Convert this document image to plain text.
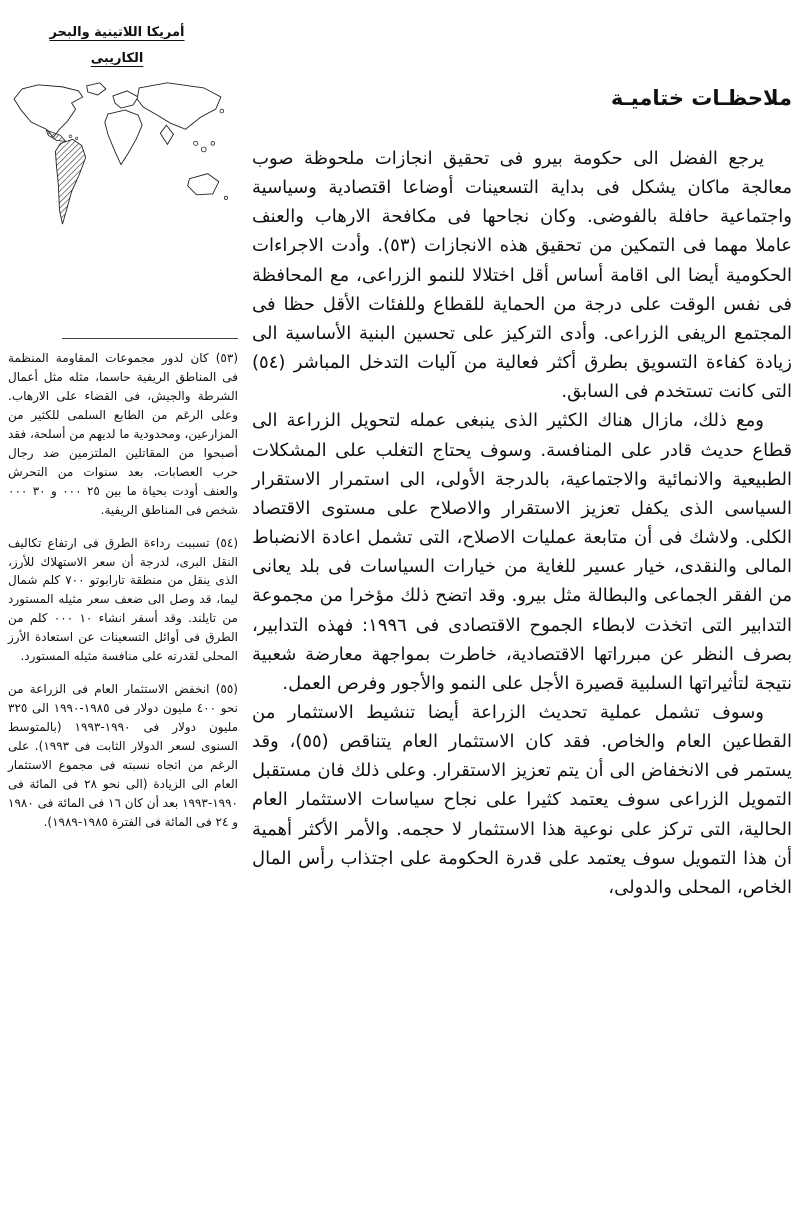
أمريكا اللاتينية والبحر
الكاريبى

(٥٣) كان لدور مجموعات المقاومة المنظمة فى المناطق الريفية حاسما، مثله مثل أعمال الشرطة والجيش، فى القضاء على الارهاب. وعلى الرغم من الطابع السلمى للكثير من المزارعين، ومحدودية ما لديهم من أسلحة، فقد أصبحوا من المقاتلين الملتزمين ضد رجال حرب العصابات، بعد سنوات من التحرش والعنف أودت بحياة ما بين ٢٥ ٠٠٠ و ٣٠ ٠٠٠ شخص فى المناطق الريفية.

(٥٤) تسببت رداءة الطرق فى ارتفاع تكاليف النقل البرى، لدرجة أن سعر الاستهلاك للأرز، الذى ينقل من منطقة تارابوتو ٧٠٠ كلم شمال ليما، قد وصل الى ضعف سعر مثيله المستورد من تايلند. وقد أسفر انشاء ١٠ ٠٠٠ كلم من الطرق فى أوائل التسعينات عن استعادة الأرز المحلى لقدرته على منافسة مثيله المستورد.

(٥٥) انخفض الاستثمار العام فى الزراعة من نحو ٤٠٠ مليون دولار فى ١٩٨٥-١٩٩٠ الى ٣٢٥ مليون دولار فى ١٩٩٠-١٩٩٣ (بالمتوسط السنوى لسعر الدولار الثابت فى ١٩٩٣). على الرغم من اتجاه نسبته فى مجموع الاستثمار العام الى الزيادة (الى نحو ٢٨ فى المائة فى ١٩٩٠-١٩٩٣ بعد أن كان ١٦ فى المائة فى ١٩٨٠ و ٢٤ فى المائة فى الفترة ١٩٨٥-١٩٨٩).

ملاحظـات ختاميـة

يرجع الفضل الى حكومة بيرو فى تحقيق انجازات ملحوظة صوب معالجة ماكان يشكل فى بداية التسعينات أوضاعا اقتصادية وسياسية واجتماعية حافلة بالفوضى. وكان نجاحها فى مكافحة الارهاب والعنف عاملا مهما فى التمكين من تحقيق هذه الانجازات (٥٣). وأدت الاجراءات الحكومية أيضا الى اقامة أساس أقل اختلالا للنمو الزراعى، مع المحافظة فى نفس الوقت على درجة من الحماية للقطاع وللفئات الأقل حظا فى المجتمع الريفى الزراعى. وأدى التركيز على تحسين البنية الأساسية الى زيادة كفاءة التسويق بطرق أكثر فعالية من آليات التدخل المباشر (٥٤) التى كانت تستخدم فى السابق.

ومع ذلك، مازال هناك الكثير الذى ينبغى عمله لتحويل الزراعة الى قطاع حديث قادر على المنافسة. وسوف يحتاج التغلب على المشكلات الطبيعية والانمائية والاجتماعية، بالدرجة الأولى، الى استمرار الاستقرار السياسى الذى يكفل تعزيز الاستقرار والاصلاح على مستوى الاقتصاد الكلى. ولاشك فى أن متابعة عمليات الاصلاح، التى تشمل اعادة الانضباط المالى والنقدى، خيار عسير للغاية من خيارات السياسات فى بلد يعانى من الفقر الجماعى والبطالة مثل بيرو. وقد اتضح ذلك مؤخرا من مجموعة التدابير التى اتخذت لابطاء الجموح الاقتصادى فى ١٩٩٦: فهذه التدابير، بصرف النظر عن مبرراتها الاقتصادية، خاطرت بمواجهة معارضة شعبية نتيجة لتأثيراتها السلبية قصيرة الأجل على النمو والأجور وفرص العمل.

وسوف تشمل عملية تحديث الزراعة أيضا تنشيط الاستثمار من القطاعين العام والخاص. فقد كان الاستثمار العام يتناقص (٥٥)، وقد يستمر فى الانخفاض الى أن يتم تعزيز الاستقرار. وعلى ذلك فان مستقبل التمويل الزراعى سوف يعتمد كثيرا على نجاح سياسات الاستثمار العام الحالية، التى تركز على نوعية هذا الاستثمار لا حجمه. والأمر الأكثر أهمية أن هذا التمويل سوف يعتمد على قدرة الحكومة على اجتذاب رأس المال الخاص، المحلى والدولى،
